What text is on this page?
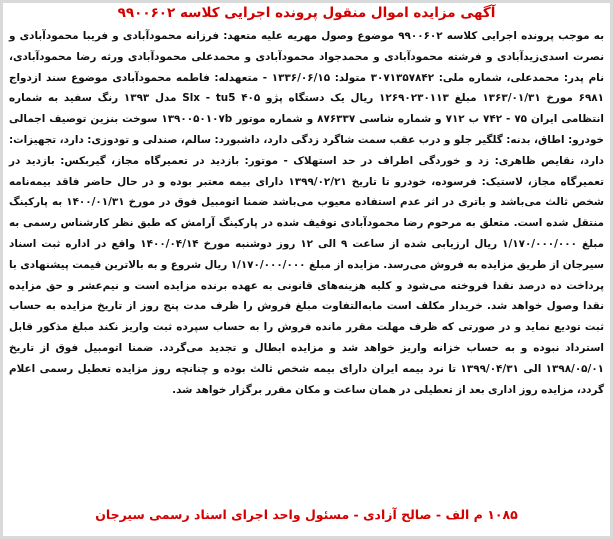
آگهی مزایده اموال منقول پرونده اجرایی کلاسه ۹۹۰۰۶۰۲
به موجب پرونده اجرایی کلاسه ۹۹۰۰۶۰۲ موضوع وصول مهریه علیه متعهد: فرزانه محمودآبادی و فریبا محمودآبادی و نصرت اسدی‌زیدآبادی و فرشته محمودآبادی و محمدجواد محمودآبادی و محمدعلی محمودآبادی ورثه رضا محمودآبادی، نام پدر: محمدعلی، شماره ملی: ۳۰۷۱۳۵۷۸۴۲ متولد: ۱۳۳۶/۰۶/۱۵ - متعهدله: فاطمه محمودآبادی موضوع سند ازدواج ۶۹۸۱ مورخ ۱۳۶۳/۰۱/۳۱ مبلغ ۱۲۶۹۰۲۳۰۱۱۳ ریال یک دستگاه پژو ۴۰۵ Slx - tu5 مدل ۱۳۹۳ رنگ سفید به شماره انتظامی ایران ۷۵ - ۷۴۲ ب ۷۱۲ و شماره شاسی ۸۷۶۳۳۷ و شماره موتور ۱۳۹۰۰۵۰۱۰۷b سوخت بنزین توصیف اجمالی خودرو: اطاق، بدنه: گلگیر جلو و درب عقب سمت شاگرد زدگی دارد، داشبورد: سالم، صندلی و تودوزی: دارد، تجهیزات: دارد، نقایص ظاهری: زد و خوردگی اطراف در حد استهلاک - موتور: بازدید در تعمیرگاه مجاز، گیربکس: بازدید در تعمیرگاه مجاز، لاستیک: فرسوده، خودرو تا تاریخ ۱۳۹۹/۰۲/۲۱ دارای بیمه معتبر بوده و در حال حاضر فاقد بیمه‌نامه شخص ثالث می‌باشد و باتری در اثر عدم استفاده معیوب می‌باشد ضمنا اتومبیل فوق در مورخ ۱۴۰۰/۰۱/۳۱ به پارکینگ منتقل شده است. متعلق به مرحوم رضا محمودآبادی توقیف شده در پارکینگ آرامش که طبق نظر کارشناس رسمی به مبلغ ۱/۱۷۰/۰۰۰/۰۰۰ ریال ارزیابی شده از ساعت ۹ الی ۱۲ روز دوشنبه مورخ ۱۴۰۰/۰۴/۱۴ واقع در اداره ثبت اسناد سیرجان از طریق مزایده به فروش می‌رسد. مزایده از مبلغ ۱/۱۷۰/۰۰۰/۰۰۰ ریال شروع و به بالاترین قیمت پیشنهادی با پرداخت ده درصد نقدا فروخته می‌شود و کلیه هزینه‌های قانونی به عهده برنده مزایده است و نیم‌عشر و حق مزایده نقدا وصول خواهد شد. خریدار مکلف است مابه‌التفاوت مبلغ فروش را ظرف مدت پنج روز از تاریخ مزایده به حساب ثبت تودیع نماید و در صورتی که ظرف مهلت مقرر مانده فروش را به حساب سپرده ثبت واریز نکند مبلغ مذکور قابل استرداد نبوده و به حساب خزانه واریز خواهد شد و مزایده ابطال و تجدید می‌گردد. ضمنا اتومبیل فوق از تاریخ ۱۳۹۸/۰۵/۰۱ الی ۱۳۹۹/۰۴/۳۱ تا نرد بیمه ایران دارای بیمه شخص ثالث بوده و چنانچه روز مزایده تعطیل رسمی اعلام گردد، مزایده روز اداری بعد از تعطیلی در همان ساعت و مکان مقرر برگزار خواهد شد.
۱۰۸۵ م الف - صالح آزادی - مسئول واحد اجرای اسناد رسمی سیرجان
